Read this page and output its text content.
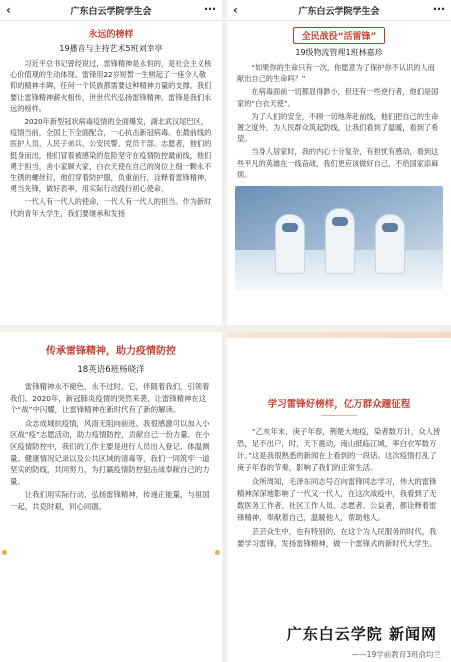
‹	广东白云学院学生会	⋯
永远的榜样
19播音与主持艺术5班刘幸亭

习近平总书记曾经说过，雷锋精神是永恒的，是社会主义核心价值观的生动体现。雷锋用22岁短暂一生树起了一座令人敬仰的精神丰碑，任何一个民族都需要这种精神力量的支撑。我们要让雷锋精神薪火相传，世世代代弘扬雷锋精神，雷锋是我们永远的榜样。

2020年新型冠状病毒疫情的全面爆发，湖北武汉尾巴区，疫情当前，全国上下全面配合，一心抗击新冠病毒。在最前线的医护人员、人民子弟兵、公安民警、党员干部、志愿者，他们的挺身而出，他们冒着被感染的危险坚守在疫情防控最前线，他们勇于担当，舍小家顾大家，白衣天使在自己的岗位上细一颗永不生锈的螺丝钉，他们穿着防护服，负重前行，诠释着雷锋精神，勇当先锋，做好表率，用实际行动践行初心使命。

一代人有一代人的使命，一代人有一代人的担当。作为新时代的青年大学生，我们要继承和发扬

‹	广东白云学院学生会	⋯
全民战役“活雷锋”
19级物流管理1班林嘉珍

“如果你的生命只有一次，你愿意为了保护你不认识的人而献出自己的生命吗？”

在病毒面前一切都显得渺小，但还有一些逆行者，他们是国家的“白衣天使”。

为了人们的安全，不顾一切地奔赴前线，他们把自己的生命置之度外，为人民群众筑起防线，让我们看到了温暖，看到了希望。

当身人居家时，我的内心十分复杂，有担忧有感动，看到这些平凡的英雄在一线奋战，我们更应该做好自己，不给国家添麻烦。

传承雷锋精神，助力疫情防控
18英语6班杨晓洋

雷锋精神永不褪色，永不过时。它，伴随着我们，引领着我们。2020年，新冠肺炎疫情的突然来袭，让雷锋精神在这个“战”中闪耀，让雷锋精神在新时代有了新的解读。

众志成城抗疫情，风雨无阻向前进。我很感激可以加入小区战“疫”志愿活动，助力疫情防控，贡献自己一份力量。在小区疫情防控中，我们的工作主要是进行人员出入登记、体温测量、健康情况记录以及公共区域的清毒等，我们一同筑牢一道坚实的防线，共同努力，为打赢疫情防控狙击战奉献自己的力量。

让我们用实际行动，弘扬雷锋精神，传递正能量，与祖国一起，共克时艰，同心同德。

学习雷锋好榜样，亿万群众踵征程

“乙亥年末，庚子年春，荆楚大地疫，染者数万计，众人皆恐，足不出户，时，天下震动，南山抵临江城，率白衣军数万计。”这是我很熟悉的新闻在上看到的一段话。这次疫情打乱了庚子年春的节奏，影响了我们的正常生活。

众所周知，毛泽东同志号召向雷锋同志学习，伟大的雷锋精神深深地影响了一代又一代人，在这次战疫中，我看到了无数医务工作者、社区工作人员、志愿者、公益者，都诠释着雷锋精神，奉献着自己，温暖他人，帮助他人。

芸芸众生中，也有特别的，在这个为人民服务的时代，我要学习雷锋，发扬雷锋精神，做一个雷锋式的新时代大学生。

广东白云学院 新闻网
——19学前教育3班俞均兰
